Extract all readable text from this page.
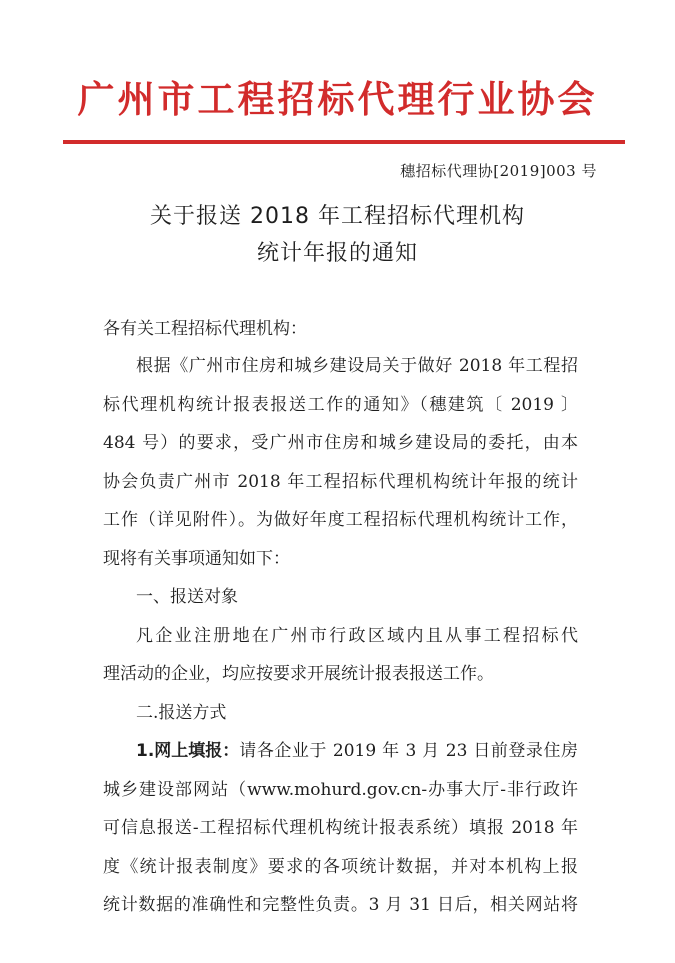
广州市工程招标代理行业协会
穗招标代理协[2019]003 号
关于报送 2018 年工程招标代理机构
统计年报的通知
各有关工程招标代理机构：
根据《广州市住房和城乡建设局关于做好 2018 年工程招
标代理机构统计报表报送工作的通知》（穗建筑〔 2019 〕
484 号）的要求，受广州市住房和城乡建设局的委托，由本
协会负责广州市 2018 年工程招标代理机构统计年报的统计
工作（详见附件）。为做好年度工程招标代理机构统计工作，
现将有关事项通知如下：
一、报送对象
凡企业注册地在广州市行政区域内且从事工程招标代
理活动的企业，均应按要求开展统计报表报送工作。
二.报送方式
1.网上填报： 请各企业于 2019 年 3 月 23 日前登录住房
城乡建设部网站（www.mohurd.gov.cn-办事大厅-非行政许
可信息报送-工程招标代理机构统计报表系统）填报 2018 年
度《统计报表制度》要求的各项统计数据，并对本机构上报
统计数据的准确性和完整性负责。3 月 31 日后，相关网站将
